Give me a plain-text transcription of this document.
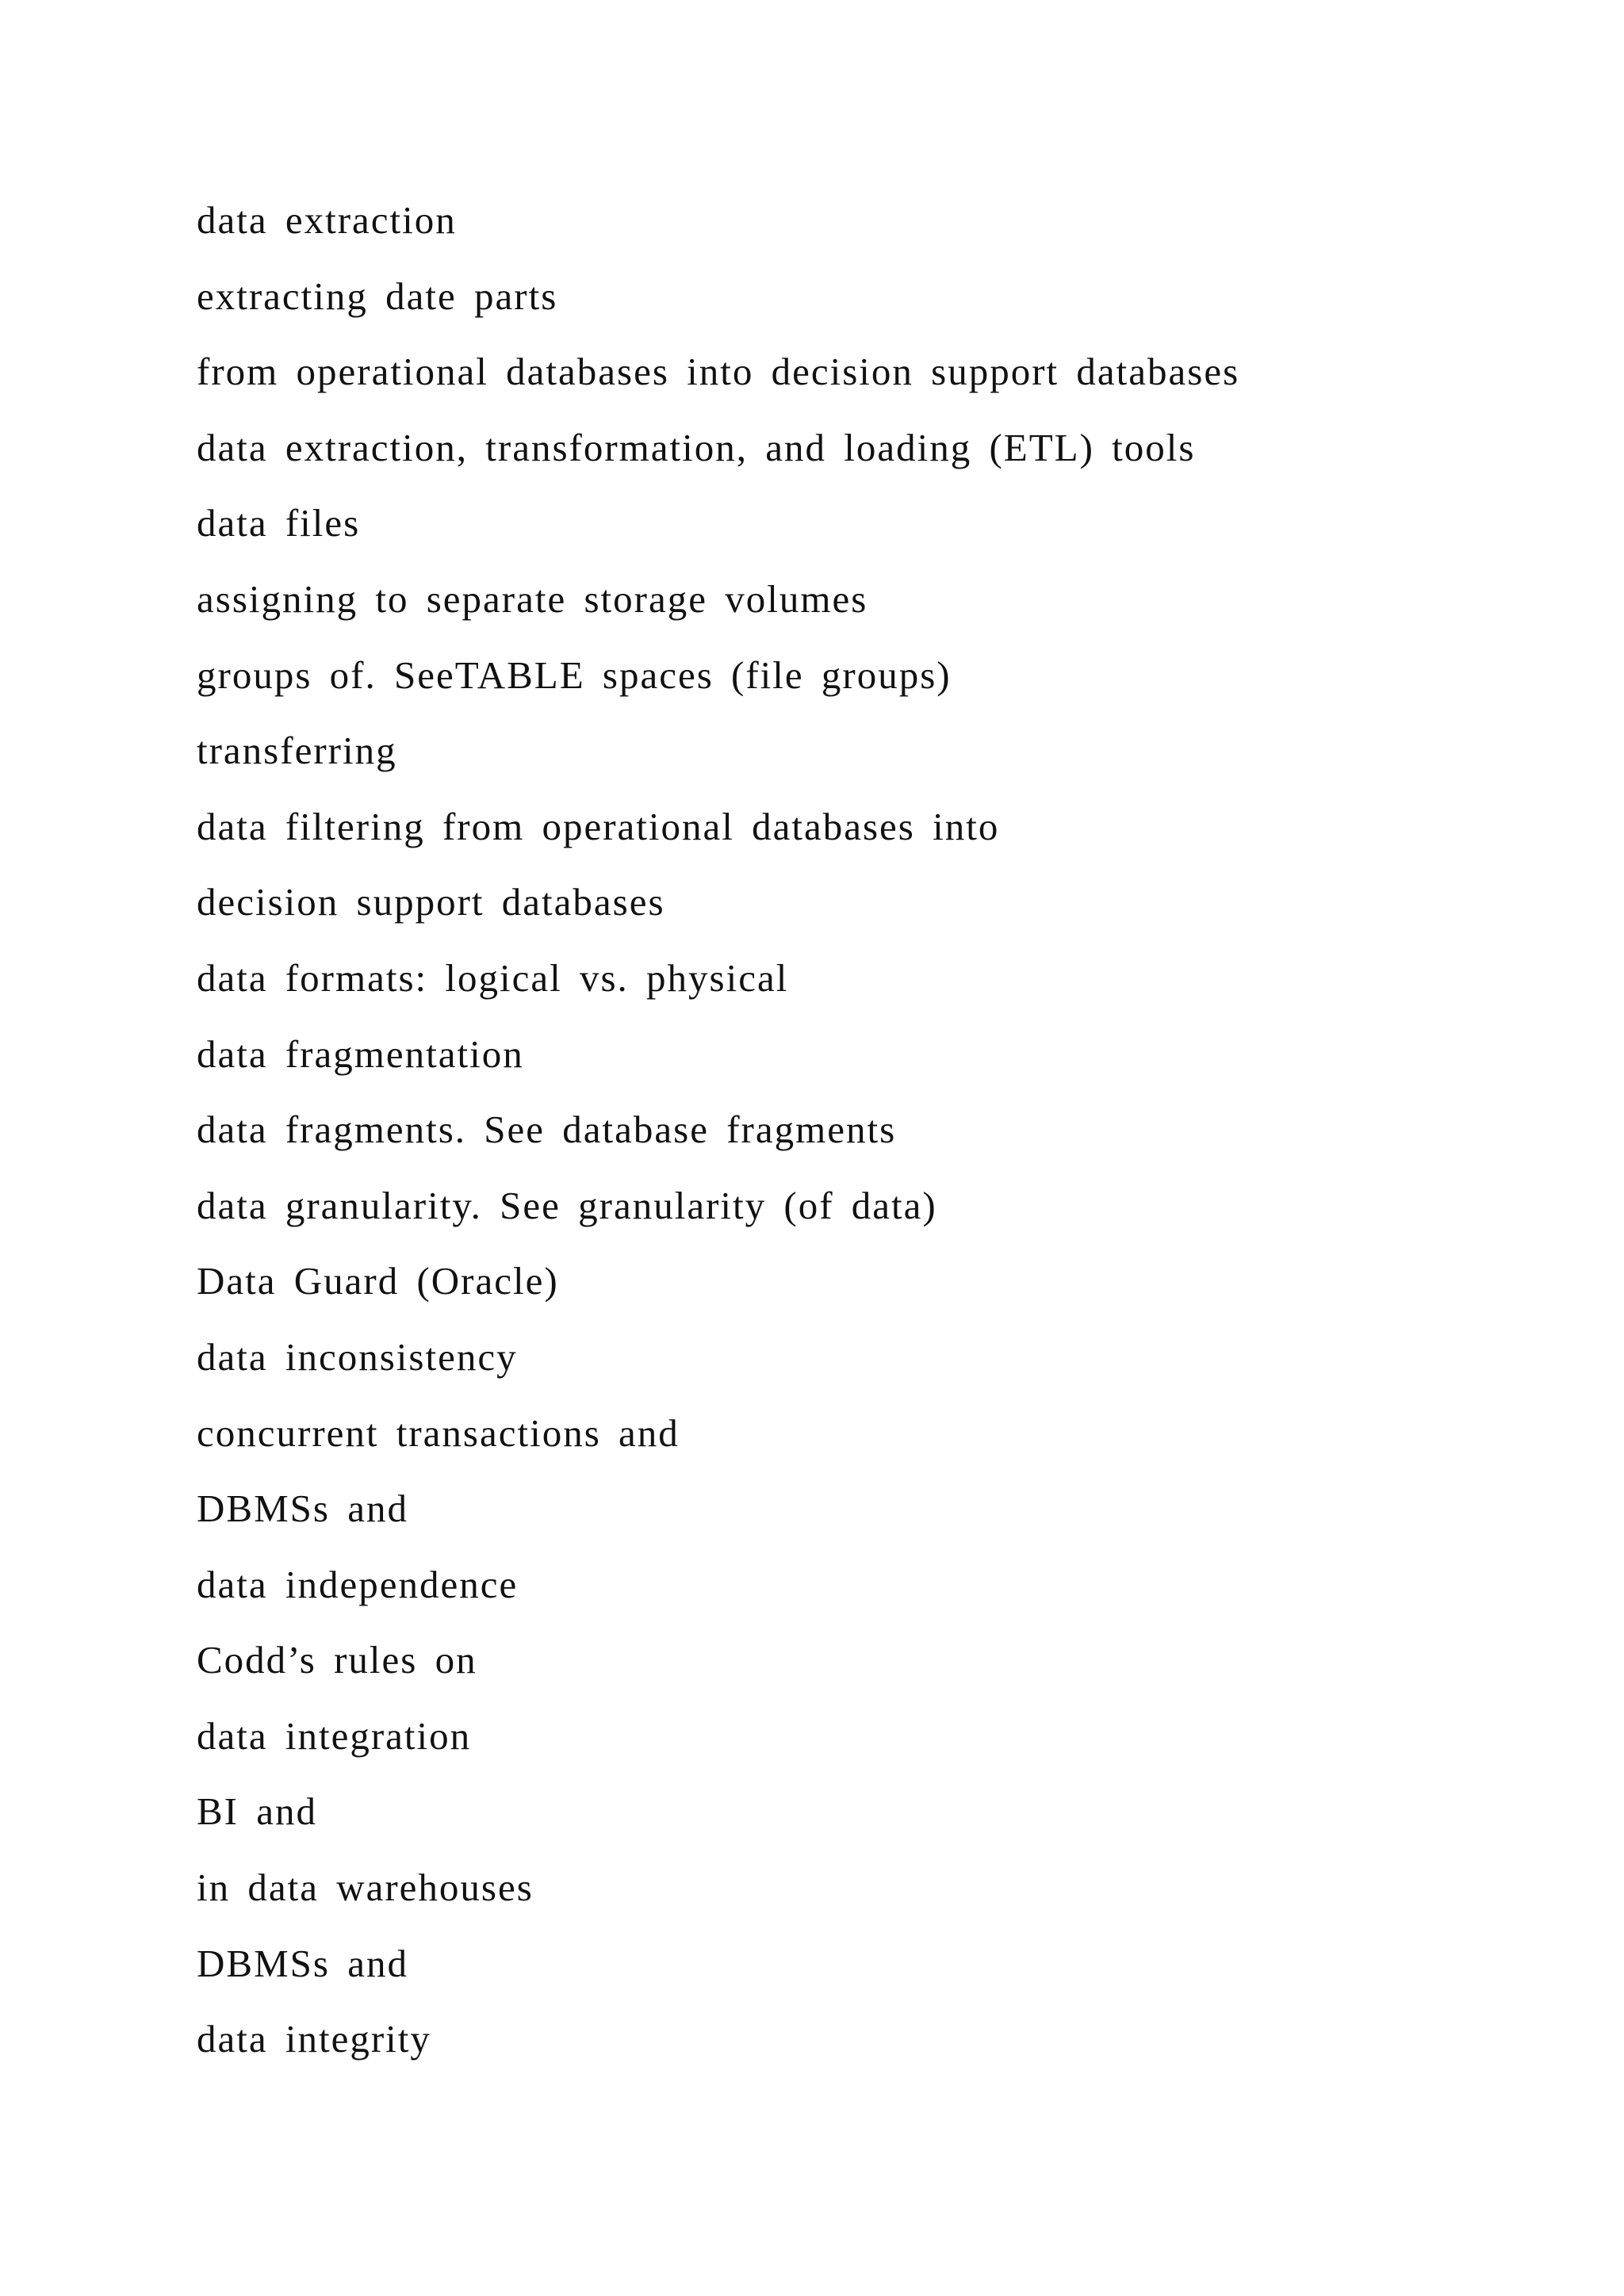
data extraction
extracting date parts
from operational databases into decision support databases
data extraction, transformation, and loading (ETL) tools
data files
assigning to separate storage volumes
groups of. SeeTABLE spaces (file groups)
transferring
data filtering from operational databases into
decision support databases
data formats: logical vs. physical
data fragmentation
data fragments. See database fragments
data granularity. See granularity (of data)
Data Guard (Oracle)
data inconsistency
concurrent transactions and
DBMSs and
data independence
Codd’s rules on
data integration
BI and
in data warehouses
DBMSs and
data integrity
